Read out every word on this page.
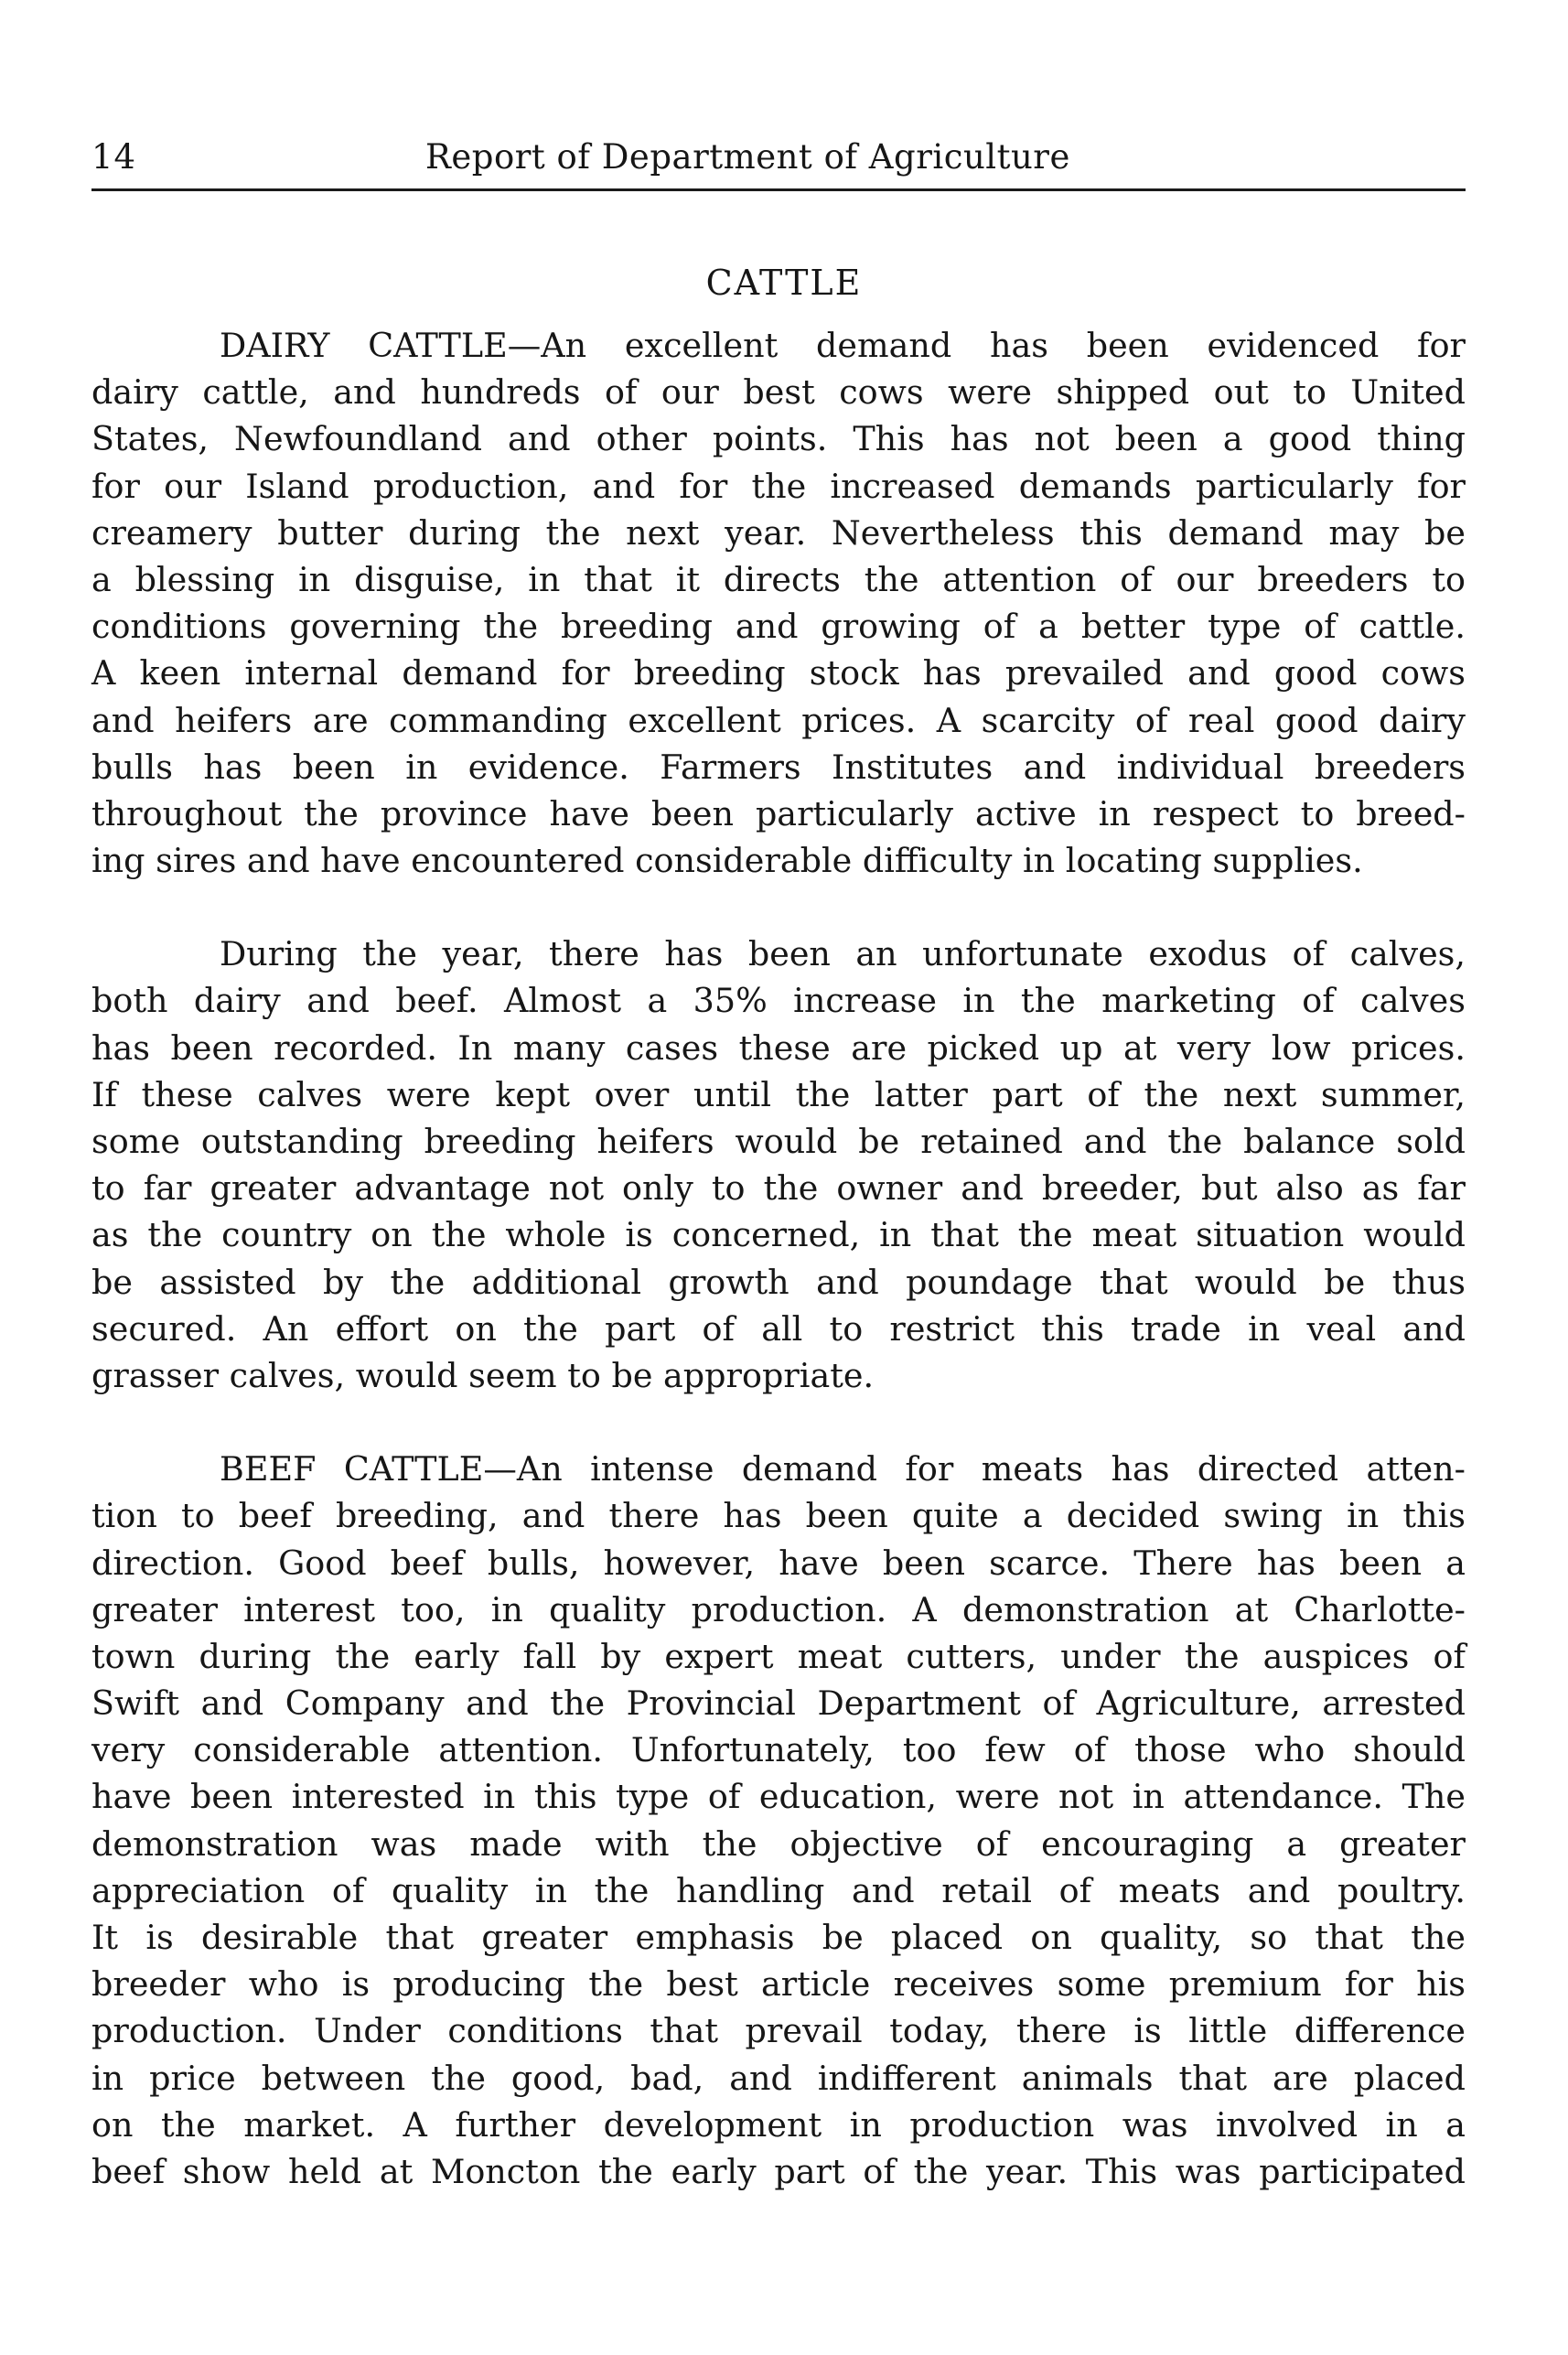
14	Report of Department of Agriculture
CATTLE

DAIRY CATTLE—An excellent demand has been evidenced for
dairy cattle, and hundreds of our best cows were shipped out to United
States, Newfoundland and other points. This has not been a good thing
for our Island production, and for the increased demands particularly for
creamery butter during the next year. Nevertheless this demand may be
a blessing in disguise, in that it directs the attention of our breeders to
conditions governing the breeding and growing of a better type of cattle.
A keen internal demand for breeding stock has prevailed and good cows
and heifers are commanding excellent prices. A scarcity of real good dairy
bulls has been in evidence. Farmers Institutes and individual breeders
throughout the province have been particularly active in respect to breed-
ing sires and have encountered considerable difficulty in locating supplies.

During the year, there has been an unfortunate exodus of calves,
both dairy and beef. Almost a 35% increase in the marketing of calves
has been recorded. In many cases these are picked up at very low prices.
If these calves were kept over until the latter part of the next summer,
some outstanding breeding heifers would be retained and the balance sold
to far greater advantage not only to the owner and breeder, but also as far
as the country on the whole is concerned, in that the meat situation would
be assisted by the additional growth and poundage that would be thus
secured. An effort on the part of all to restrict this trade in veal and
grasser calves, would seem to be appropriate.

BEEF CATTLE—An intense demand for meats has directed atten-
tion to beef breeding, and there has been quite a decided swing in this
direction. Good beef bulls, however, have been scarce. There has been a
greater interest too, in quality production. A demonstration at Charlotte-
town during the early fall by expert meat cutters, under the auspices of
Swift and Company and the Provincial Department of Agriculture, arrested
very considerable attention. Unfortunately, too few of those who should
have been interested in this type of education, were not in attendance. The
demonstration was made with the objective of encouraging a greater
appreciation of quality in the handling and retail of meats and poultry.
It is desirable that greater emphasis be placed on quality, so that the
breeder who is producing the best article receives some premium for his
production. Under conditions that prevail today, there is little difference
in price between the good, bad, and indifferent animals that are placed
on the market. A further development in production was involved in a
beef show held at Moncton the early part of the year. This was participated
